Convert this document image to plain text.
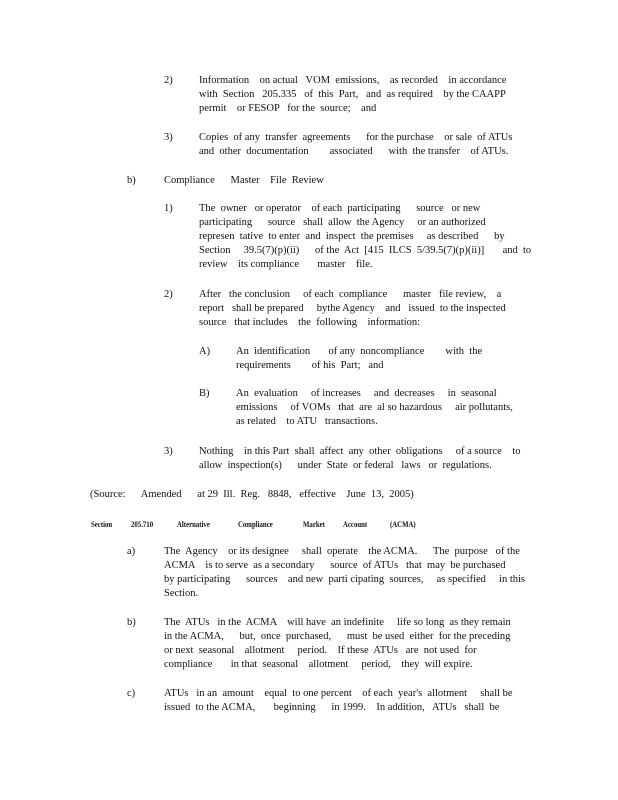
2)	Information    on actual   VOM  emissions,    as recorded    in accordance
with  Section   205.335   of  this  Part,   and  as required    by the CAAPP
permit    or FESOP   for the  source;    and
3)	Copies  of any  transfer  agreements      for the purchase    or sale  of ATUs
and  other  documentation        associated      with  the transfer    of ATUs.
b)	Compliance      Master    File  Review
1)	The  owner   or operator    of each  participating      source   or new
participating      source   shall  allow  the Agency     or an authorized
represen  tative  to enter  and  inspect  the premises     as described      by
Section     39.5(7)(p)(ii)      of the  Act  [415  ILCS  5/39.5(7)(p)(ii)]       and  to
review    its compliance       master    file.
2)	After   the conclusion     of each  compliance      master   file review,    a
report   shall be prepared     bythe Agency    and   issued  to the inspected
source   that includes    the  following    information:
A) An  identification       of any  noncompliance        with  the
requirements        of his  Part;   and
B)	An  evaluation     of increases     and  decreases     in  seasonal
emissions     of VOMs   that  are  al so hazardous     air pollutants,
as related    to ATU   transactions.
3)	Nothing    in this Part  shall  affect  any  other  obligations     of a source    to
allow  inspection(s)      under  State  or federal   laws   or  regulations.
(Source:      Amended      at 29  Ill.  Reg.   8848,   effective    June  13,  2005)
Section 205.710	Alternative	Compliance	Market Account	(ACMA)
a)	The  Agency    or its designee     shall  operate    the ACMA.      The  purpose   of the
ACMA    is to serve  as a secondary      source  of ATUs   that  may  be purchased
by participating      sources    and new  parti cipating  sources,     as specified     in this
Section.
b)	The  ATUs   in the  ACMA    will have  an indefinite     life so long  as they remain
in the ACMA,      but,  once  purchased,      must  be used  either  for the preceding
or next  seasonal    allotment     period.    If these  ATUs   are  not used  for
compliance       in that  seasonal    allotment     period,    they  will expire.
c)	ATUs   in an  amount    equal  to one percent    of each  year's  allotment     shall be
issued  to the ACMA,       beginning      in 1999.    In addition,   ATUs   shall  be
